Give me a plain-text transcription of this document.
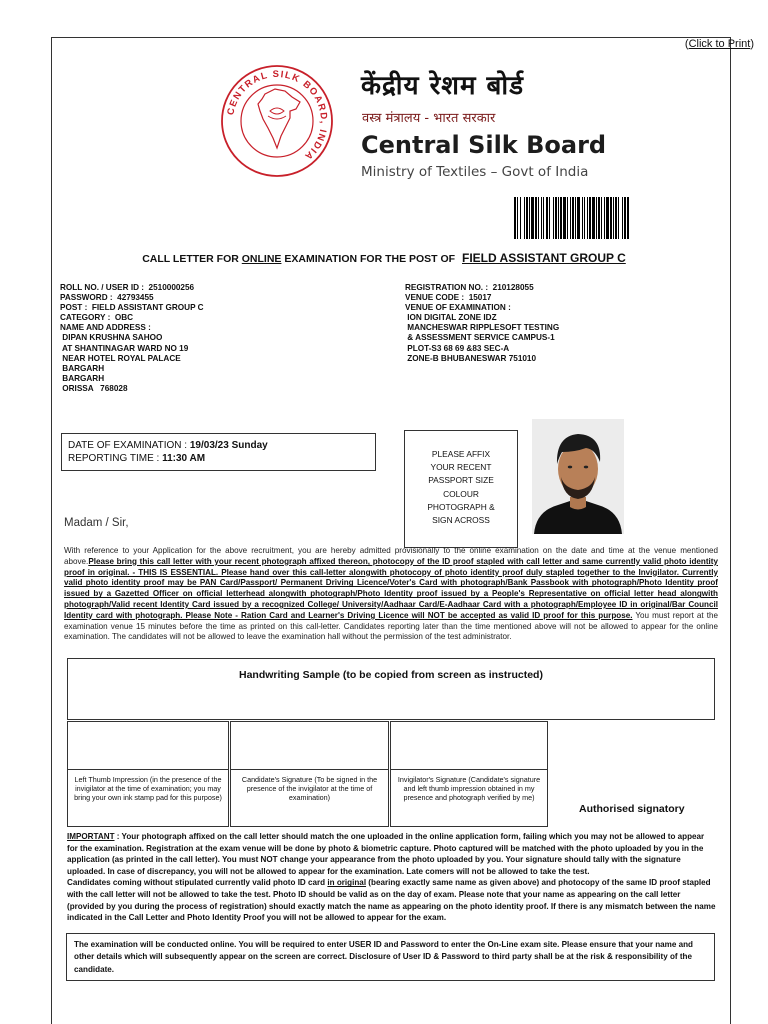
(Click to Print)
CENTRAL SILK BOARD, INDIA
केंद्रीय रेशम बोर्ड
वस्त्र मंत्रालय - भारत सरकार
Central Silk Board
Ministry of Textiles – Govt of India
CALL LETTER FOR ONLINE EXAMINATION FOR THE POST OF FIELD ASSISTANT GROUP C
ROLL NO. / USER ID :  2510000256
PASSWORD :  42793455
POST :  FIELD ASSISTANT GROUP C
CATEGORY :  OBC
NAME AND ADDRESS :
DIPAN KRUSHNA SAHOO
AT SHANTINAGAR WARD NO 19
NEAR HOTEL ROYAL PALACE
BARGARH
BARGARH
ORISSA   768028
REGISTRATION NO. :  210128055
VENUE CODE :  15017
VENUE OF EXAMINATION :
ION DIGITAL ZONE IDZ
MANCHESWAR RIPPLESOFT TESTING
& ASSESSMENT SERVICE CAMPUS-1
PLOT-S3 68 69 &83 SEC-A
ZONE-B BHUBANESWAR 751010
DATE OF EXAMINATION : 19/03/23 Sunday
REPORTING TIME : 11:30 AM	PLEASE AFFIX
YOUR RECENT
PASSPORT SIZE
COLOUR
PHOTOGRAPH &
SIGN ACROSS
Madam / Sir,
With reference to your Application for the above recruitment, you are hereby admitted provisionally to the online examination on the date and time at the venue mentioned above.Please bring this call letter with your recent photograph affixed thereon, photocopy of the ID proof stapled with call letter and same currently valid photo identity proof in original. - THIS IS ESSENTIAL. Please hand over this call-letter alongwith photocopy of photo identity proof duly stapled together to the Invigilator. Currently valid photo identity proof may be PAN Card/Passport/ Permanent Driving Licence/Voter's Card with photograph/Bank Passbook with photograph/Photo Identity proof issued by a Gazetted Officer on official letterhead alongwith photograph/Photo Identity proof issued by a People's Representative on official letter head alongwith photograph/Valid recent Identity Card issued by a recognized College/ University/Aadhaar Card/E-Aadhaar Card with a photograph/Employee ID in original/Bar Council Identity card with photograph. Please Note - Ration Card and Learner's Driving Licence will NOT be accepted as valid ID proof for this purpose. You must report at the examination venue 15 minutes before the time as printed on this call-letter. Candidates reporting later than the time mentioned above will not be allowed to appear for the online examination. The candidates will not be allowed to leave the examination hall without the permission of the test administrator.
Handwriting Sample (to be copied from screen as instructed)
Left Thumb Impression (in the presence of the invigilator at the time of examination; you may bring your own ink stamp pad for this purpose)
Candidate's Signature (To be signed in the presence of the invigilator at the time of examination)
Invigilator's Signature (Candidate's signature and left thumb impression obtained in my presence and photograph verified by me)
Authorised signatory
IMPORTANT : Your photograph affixed on the call letter should match the one uploaded in the online application form, failing which you may not be allowed to appear for the examination. Registration at the exam venue will be done by photo & biometric capture. Photo captured will be matched with the photo uploaded by you in the application (as printed in the call letter). You must NOT change your appearance from the photo uploaded by you. Your signature should tally with the signature uploaded. In case of discrepancy, you will not be allowed to appear for the examination. Late comers will not be allowed to take the test.
Candidates coming without stipulated currently valid photo ID card in original (bearing exactly same name as given above) and photocopy of the same ID proof stapled with the call letter will not be allowed to take the test. Photo ID should be valid as on the day of exam. Please note that your name as appearing on the call letter (provided by you during the process of registration) should exactly match the name as appearing on the photo identity proof. If there is any mismatch between the name indicated in the Call Letter and Photo Identity Proof you will not be allowed to appear for the exam.
The examination will be conducted online. You will be required to enter USER ID and Password to enter the On-Line exam site. Please ensure that your name and other details which will subsequently appear on the screen are correct. Disclosure of User ID & Password to third party shall be at the risk & responsibility of the candidate.
